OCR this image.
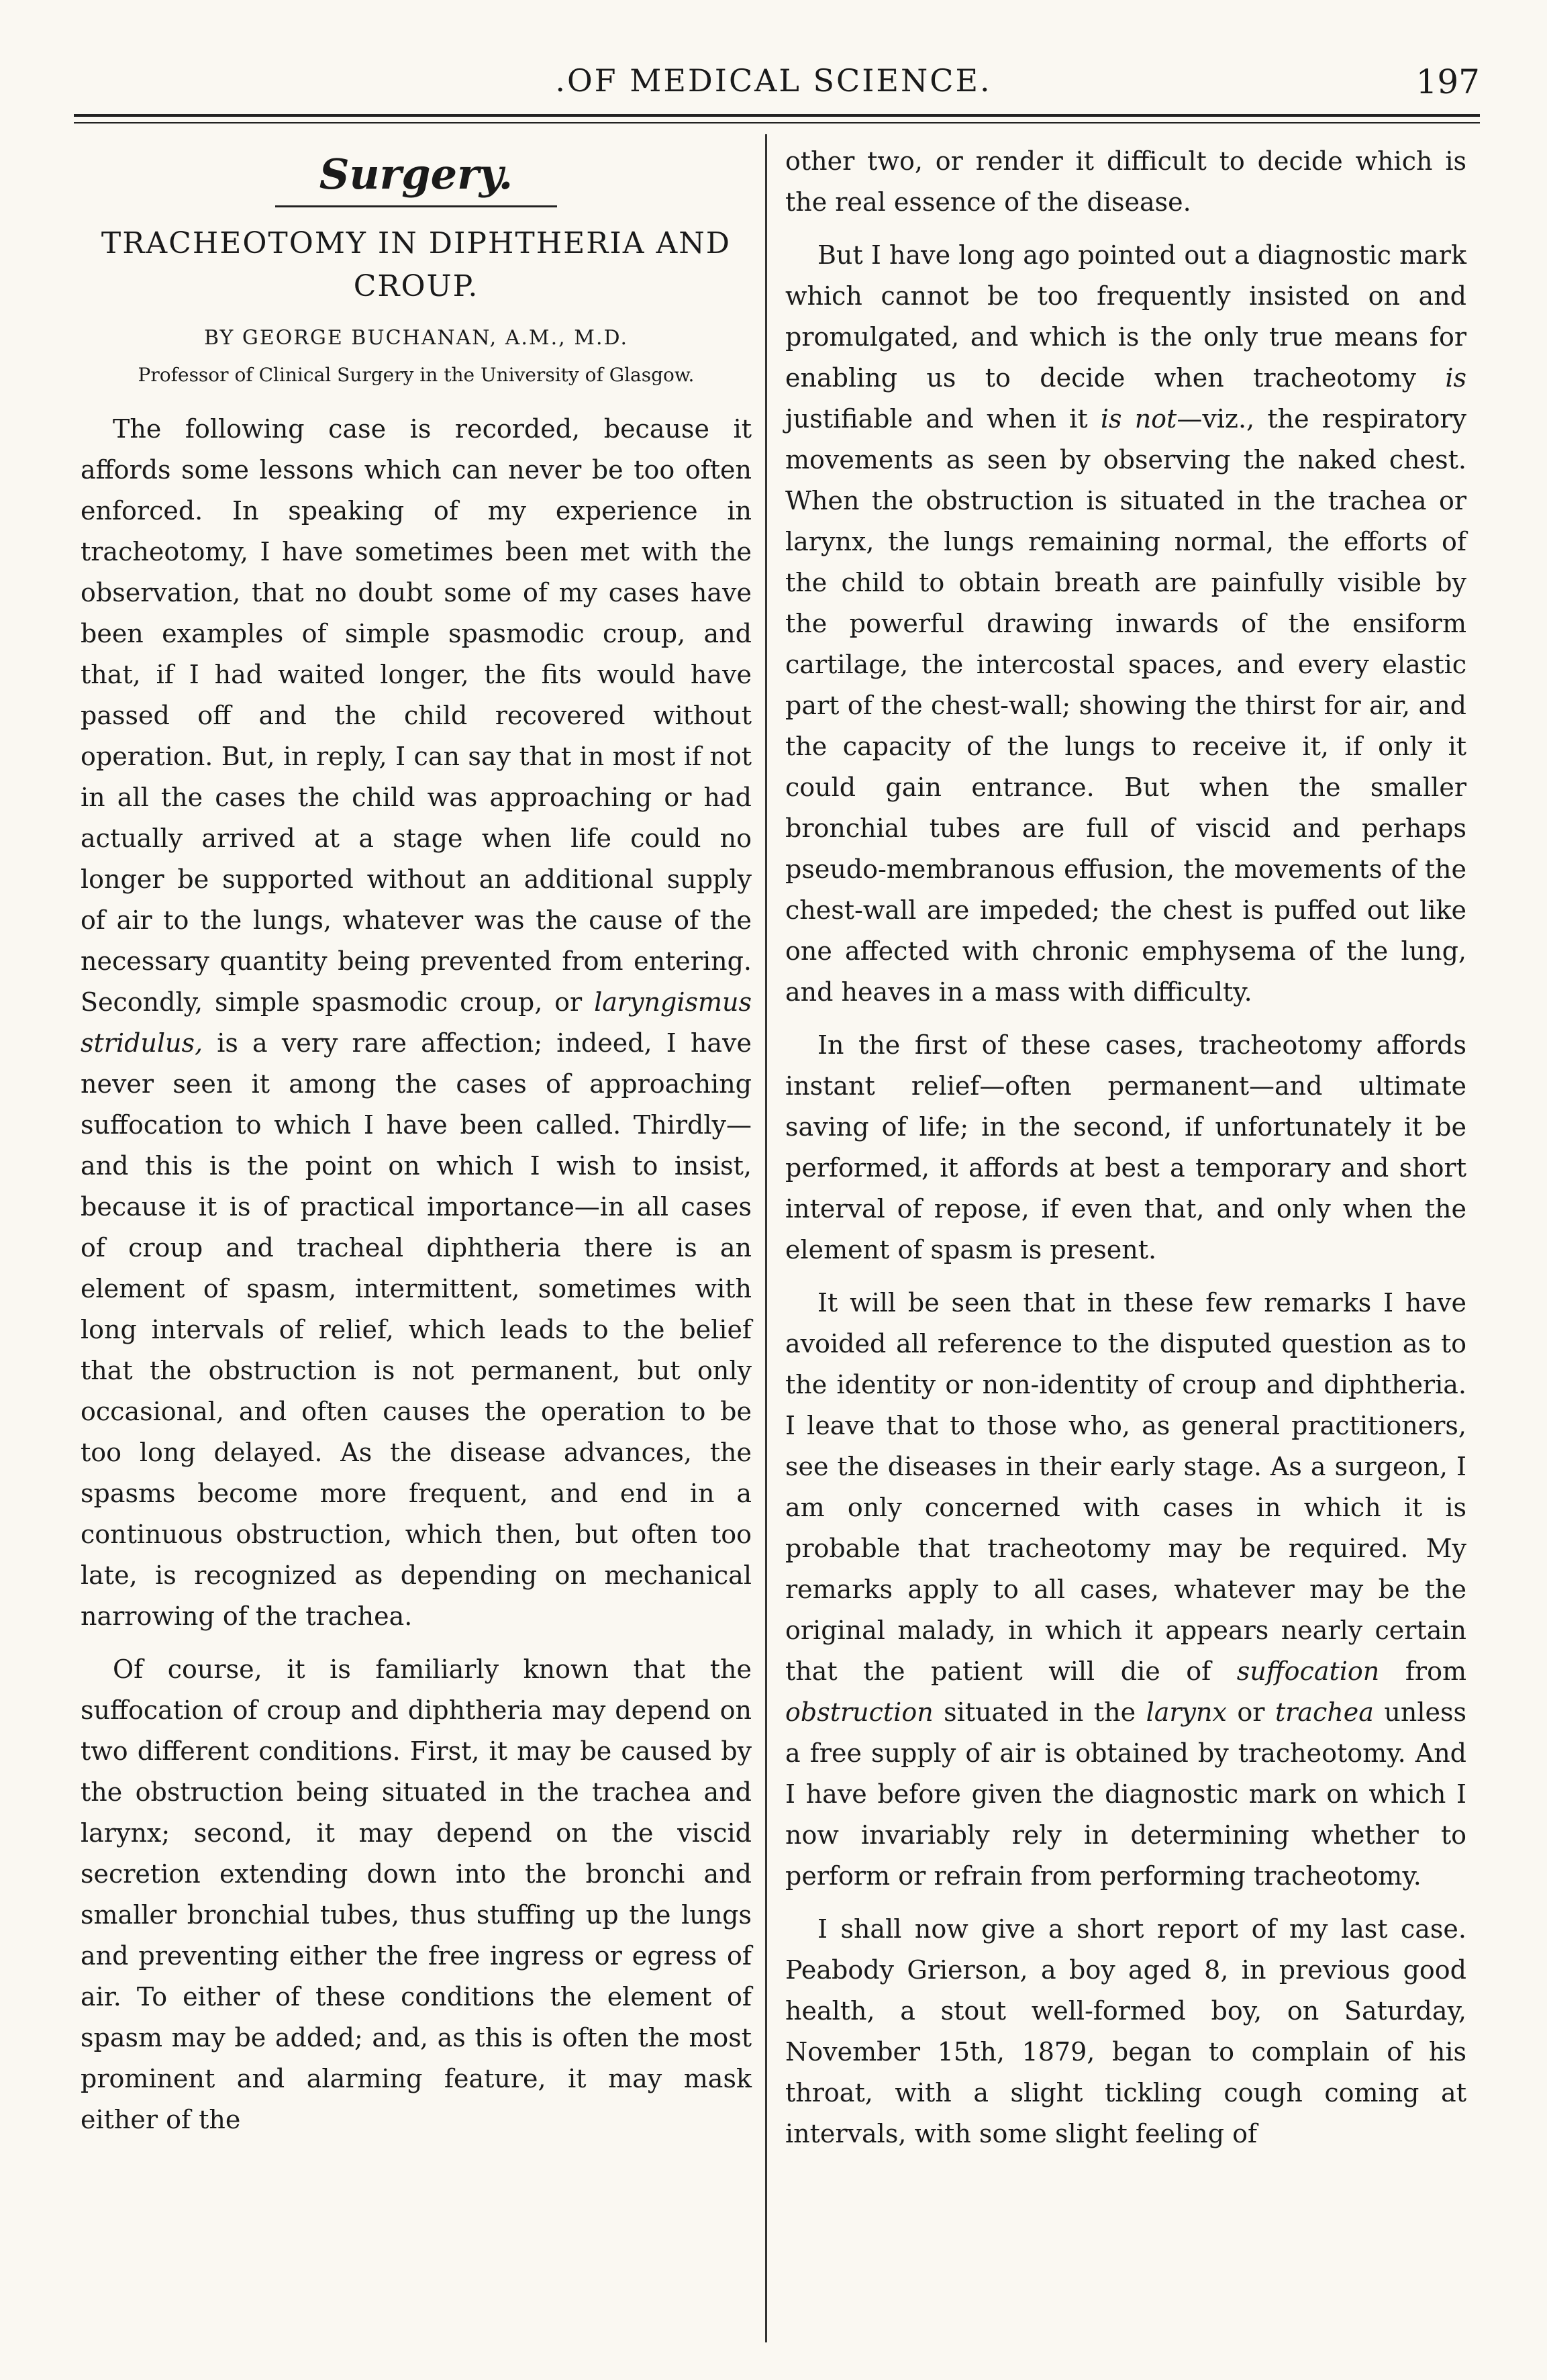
.OF MEDICAL SCIENCE.	197
Surgery.
TRACHEOTOMY IN DIPHTHERIA AND CROUP.
BY GEORGE BUCHANAN, A.M., M.D.
Professor of Clinical Surgery in the University of Glasgow.

The following case is recorded, because it affords some lessons which can never be too often enforced. In speaking of my experience in tracheotomy, I have sometimes been met with the observation, that no doubt some of my cases have been examples of simple spasmodic croup, and that, if I had waited longer, the fits would have passed off and the child recovered without operation. But, in reply, I can say that in most if not in all the cases the child was approaching or had actually arrived at a stage when life could no longer be supported without an additional supply of air to the lungs, whatever was the cause of the necessary quantity being prevented from entering. Secondly, simple spasmodic croup, or laryngismus stridulus, is a very rare affection; indeed, I have never seen it among the cases of approaching suffocation to which I have been called. Thirdly—and this is the point on which I wish to insist, because it is of practical importance—in all cases of croup and tracheal diphtheria there is an element of spasm, intermittent, sometimes with long intervals of relief, which leads to the belief that the obstruction is not permanent, but only occasional, and often causes the operation to be too long delayed. As the disease advances, the spasms become more frequent, and end in a continuous obstruction, which then, but often too late, is recognized as depending on mechanical narrowing of the trachea.

Of course, it is familiarly known that the suffocation of croup and diphtheria may depend on two different conditions. First, it may be caused by the obstruction being situated in the trachea and larynx; second, it may depend on the viscid secretion extending down into the bronchi and smaller bronchial tubes, thus stuffing up the lungs and preventing either the free ingress or egress of air. To either of these conditions the element of spasm may be added; and, as this is often the most prominent and alarming feature, it may mask either of the

other two, or render it difficult to decide which is the real essence of the disease.

But I have long ago pointed out a diagnostic mark which cannot be too frequently insisted on and promulgated, and which is the only true means for enabling us to decide when tracheotomy is justifiable and when it is not—viz., the respiratory movements as seen by observing the naked chest. When the obstruction is situated in the trachea or larynx, the lungs remaining normal, the efforts of the child to obtain breath are painfully visible by the powerful drawing inwards of the ensiform cartilage, the intercostal spaces, and every elastic part of the chest-wall; showing the thirst for air, and the capacity of the lungs to receive it, if only it could gain entrance. But when the smaller bronchial tubes are full of viscid and perhaps pseudo-membranous effusion, the movements of the chest-wall are impeded; the chest is puffed out like one affected with chronic emphysema of the lung, and heaves in a mass with difficulty.

In the first of these cases, tracheotomy affords instant relief—often permanent—and ultimate saving of life; in the second, if unfortunately it be performed, it affords at best a temporary and short interval of repose, if even that, and only when the element of spasm is present.

It will be seen that in these few remarks I have avoided all reference to the disputed question as to the identity or non-identity of croup and diphtheria. I leave that to those who, as general practitioners, see the diseases in their early stage. As a surgeon, I am only concerned with cases in which it is probable that tracheotomy may be required. My remarks apply to all cases, whatever may be the original malady, in which it appears nearly certain that the patient will die of suffocation from obstruction situated in the larynx or trachea unless a free supply of air is obtained by tracheotomy. And I have before given the diagnostic mark on which I now invariably rely in determining whether to perform or refrain from performing tracheotomy.

I shall now give a short report of my last case. Peabody Grierson, a boy aged 8, in previous good health, a stout well-formed boy, on Saturday, November 15th, 1879, began to complain of his throat, with a slight tickling cough coming at intervals, with some slight feeling of
